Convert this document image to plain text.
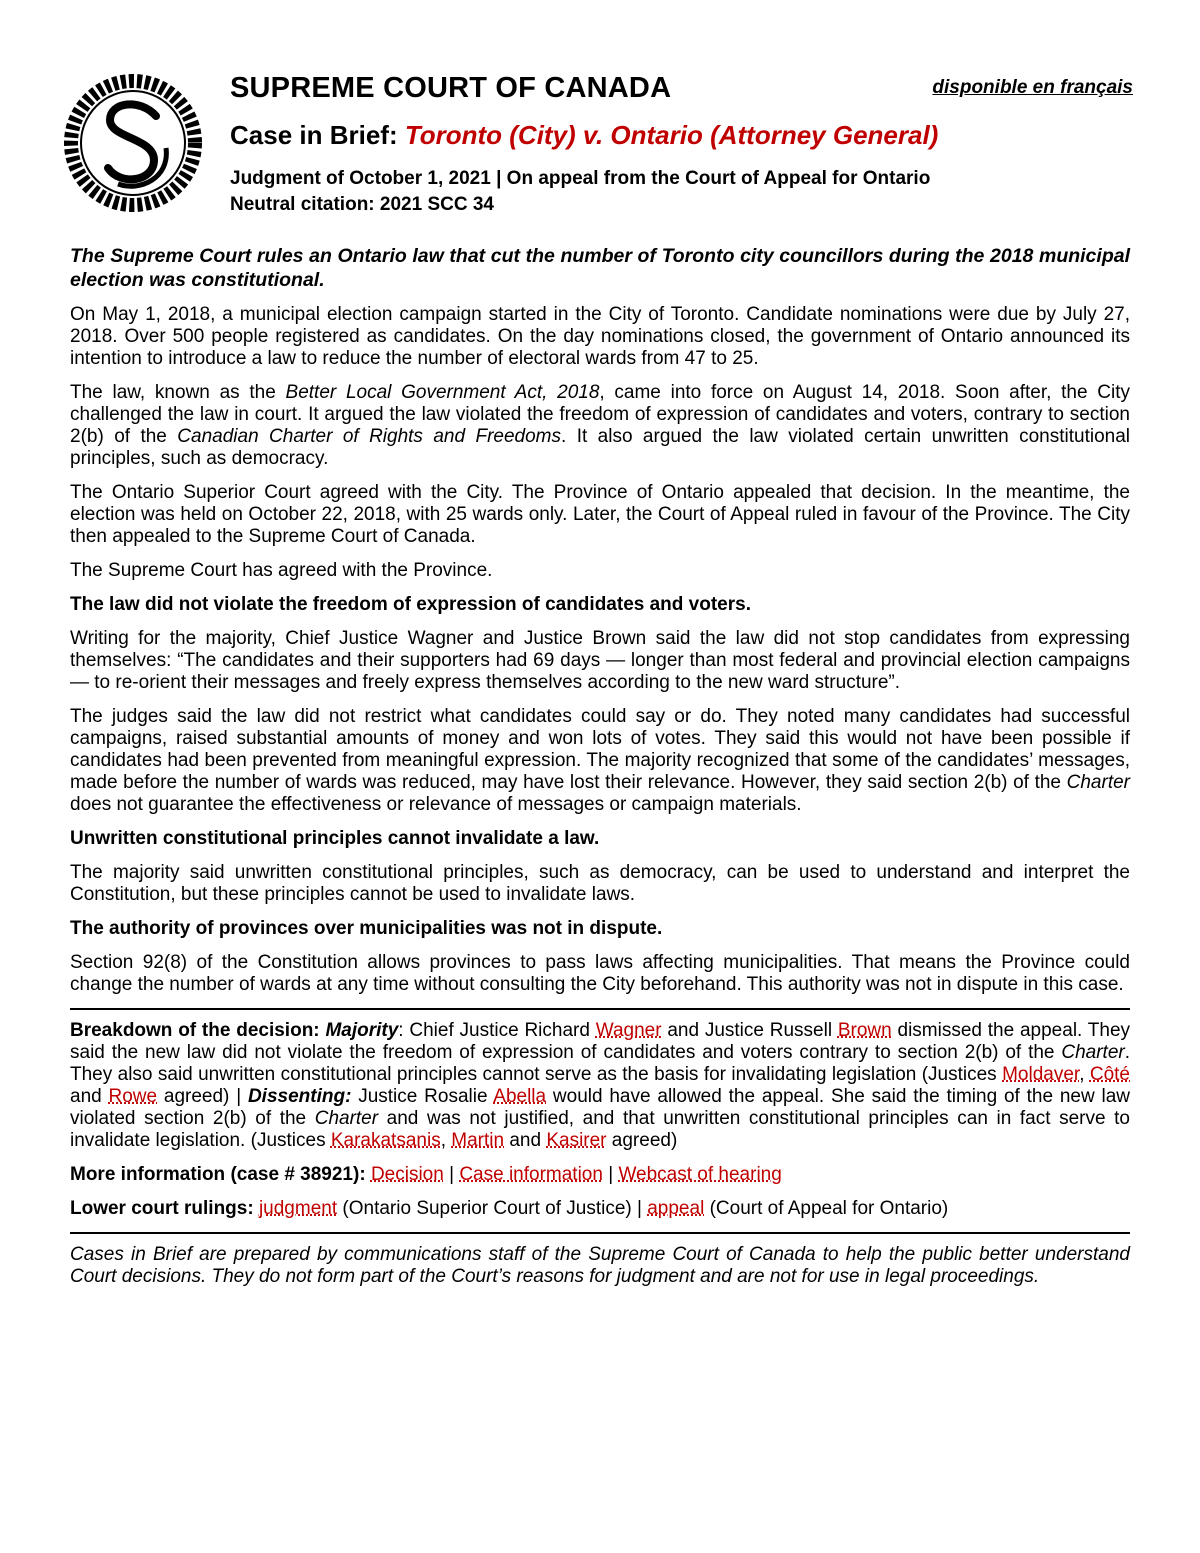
SUPREME COURT OF CANADA	disponible en français
Case in Brief: Toronto (City) v. Ontario (Attorney General)
Judgment of October 1, 2021 | On appeal from the Court of Appeal for Ontario
Neutral citation: 2021 SCC 34

The Supreme Court rules an Ontario law that cut the number of Toronto city councillors during the 2018 municipal election was constitutional.

On May 1, 2018, a municipal election campaign started in the City of Toronto. Candidate nominations were due by July 27, 2018. Over 500 people registered as candidates. On the day nominations closed, the government of Ontario announced its intention to introduce a law to reduce the number of electoral wards from 47 to 25.

The law, known as the Better Local Government Act, 2018, came into force on August 14, 2018. Soon after, the City challenged the law in court. It argued the law violated the freedom of expression of candidates and voters, contrary to section 2(b) of the Canadian Charter of Rights and Freedoms. It also argued the law violated certain unwritten constitutional principles, such as democracy.

The Ontario Superior Court agreed with the City. The Province of Ontario appealed that decision. In the meantime, the election was held on October 22, 2018, with 25 wards only. Later, the Court of Appeal ruled in favour of the Province. The City then appealed to the Supreme Court of Canada.

The Supreme Court has agreed with the Province.

The law did not violate the freedom of expression of candidates and voters.

Writing for the majority, Chief Justice Wagner and Justice Brown said the law did not stop candidates from expressing themselves: “The candidates and their supporters had 69 days — longer than most federal and provincial election campaigns — to re-orient their messages and freely express themselves according to the new ward structure”.

The judges said the law did not restrict what candidates could say or do. They noted many candidates had successful campaigns, raised substantial amounts of money and won lots of votes. They said this would not have been possible if candidates had been prevented from meaningful expression. The majority recognized that some of the candidates’ messages, made before the number of wards was reduced, may have lost their relevance. However, they said section 2(b) of the Charter does not guarantee the effectiveness or relevance of messages or campaign materials.

Unwritten constitutional principles cannot invalidate a law.

The majority said unwritten constitutional principles, such as democracy, can be used to understand and interpret the Constitution, but these principles cannot be used to invalidate laws.

The authority of provinces over municipalities was not in dispute.

Section 92(8) of the Constitution allows provinces to pass laws affecting municipalities. That means the Province could change the number of wards at any time without consulting the City beforehand. This authority was not in dispute in this case.

Breakdown of the decision: Majority: Chief Justice Richard Wagner and Justice Russell Brown dismissed the appeal. They said the new law did not violate the freedom of expression of candidates and voters contrary to section 2(b) of the Charter. They also said unwritten constitutional principles cannot serve as the basis for invalidating legislation (Justices Moldaver, Côté and Rowe agreed) | Dissenting: Justice Rosalie Abella would have allowed the appeal. She said the timing of the new law violated section 2(b) of the Charter and was not justified, and that unwritten constitutional principles can in fact serve to invalidate legislation. (Justices Karakatsanis, Martin and Kasirer agreed)

More information (case # 38921): Decision | Case information | Webcast of hearing

Lower court rulings: judgment (Ontario Superior Court of Justice) | appeal (Court of Appeal for Ontario)

Cases in Brief are prepared by communications staff of the Supreme Court of Canada to help the public better understand Court decisions. They do not form part of the Court’s reasons for judgment and are not for use in legal proceedings.
